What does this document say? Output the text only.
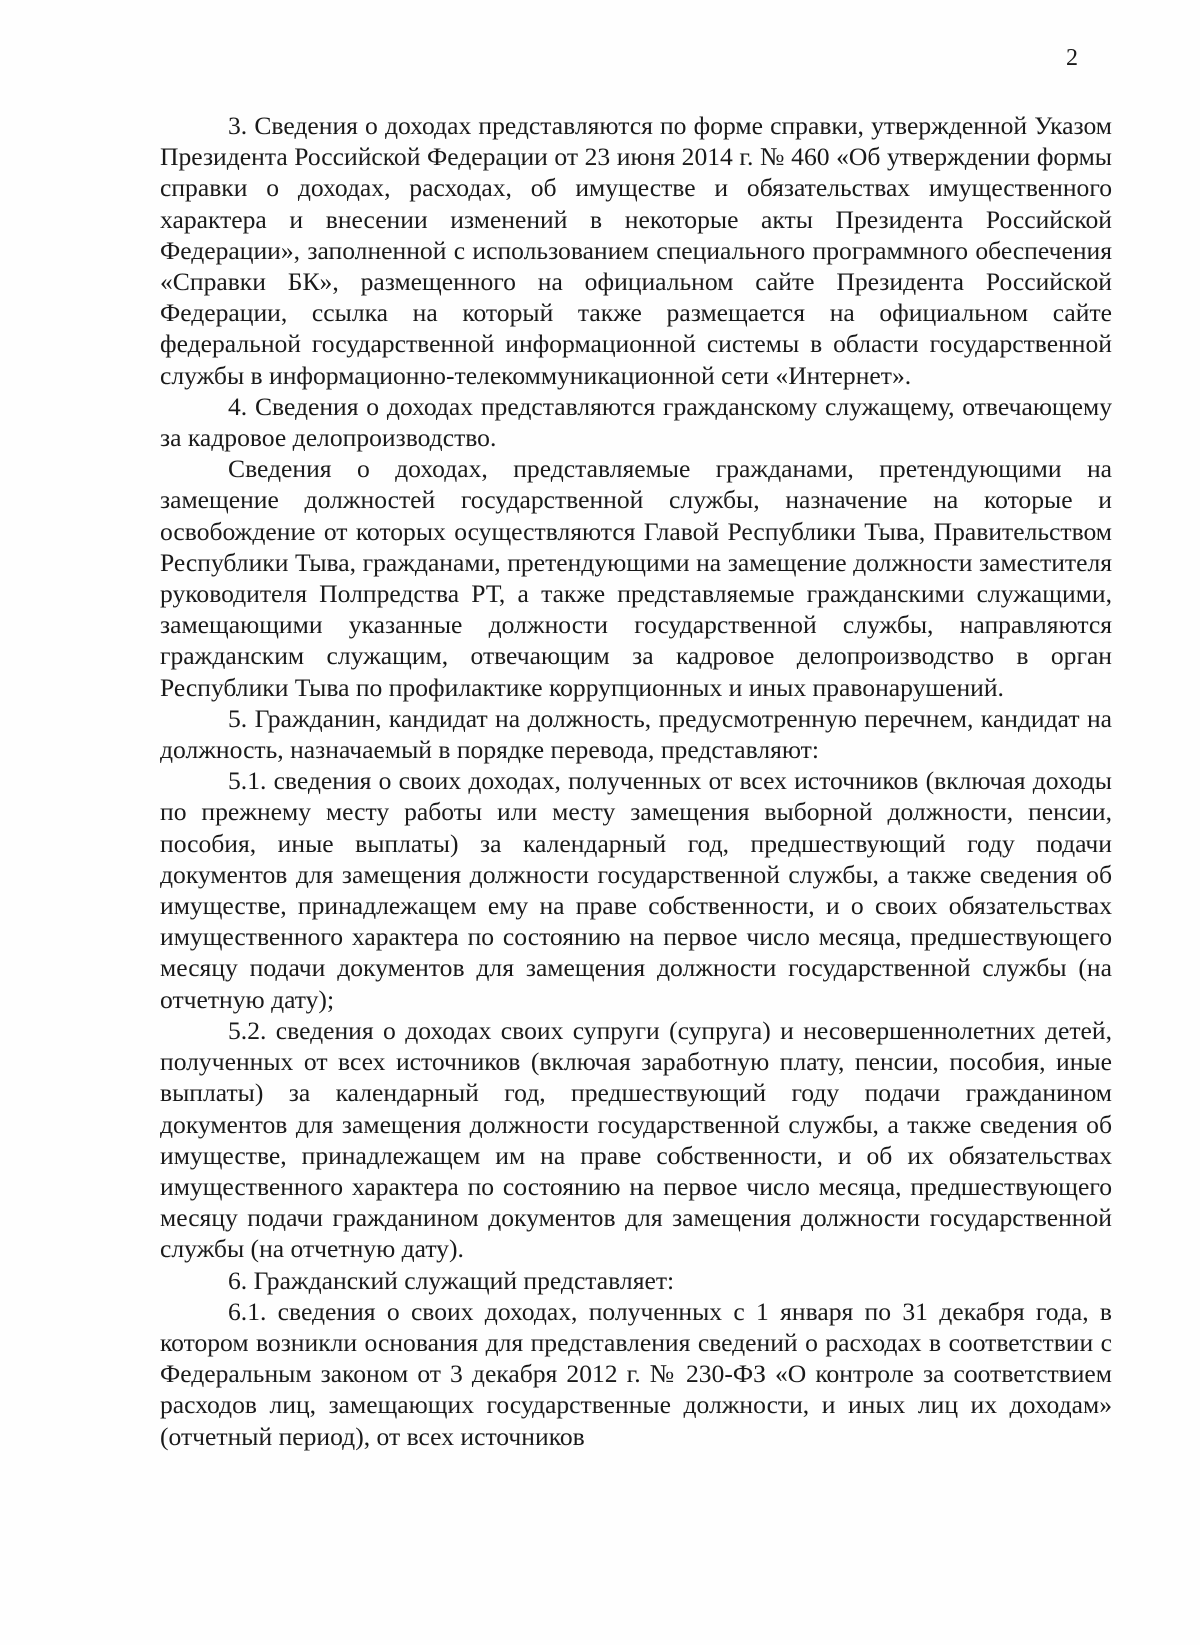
2

3. Сведения о доходах представляются по форме справки, утвержденной Указом Президента Российской Федерации от 23 июня 2014 г. № 460 «Об утверждении формы справки о доходах, расходах, об имуществе и обязательствах имущественного характера и внесении изменений в некоторые акты Президента Российской Федерации», заполненной с использованием специального программного обеспечения «Справки БК», размещенного на официальном сайте Президента Российской Федерации, ссылка на который также размещается на официальном сайте федеральной государственной информационной системы в области государственной службы в информационно-телекоммуникационной сети «Интернет».

4. Сведения о доходах представляются гражданскому служащему, отвечающему за кадровое делопроизводство.

Сведения о доходах, представляемые гражданами, претендующими на замещение должностей государственной службы, назначение на которые и освобождение от которых осуществляются Главой Республики Тыва, Правительством Республики Тыва, гражданами, претендующими на замещение должности заместителя руководителя Полпредства РТ, а также представляемые гражданскими служащими, замещающими указанные должности государственной службы, направляются гражданским служащим, отвечающим за кадровое делопроизводство в орган Республики Тыва по профилактике коррупционных и иных правонарушений.

5. Гражданин, кандидат на должность, предусмотренную перечнем, кандидат на должность, назначаемый в порядке перевода, представляют:

5.1. сведения о своих доходах, полученных от всех источников (включая доходы по прежнему месту работы или месту замещения выборной должности, пенсии, пособия, иные выплаты) за календарный год, предшествующий году подачи документов для замещения должности государственной службы, а также сведения об имуществе, принадлежащем ему на праве собственности, и о своих обязательствах имущественного характера по состоянию на первое число месяца, предшествующего месяцу подачи документов для замещения должности государственной службы (на отчетную дату);

5.2. сведения о доходах своих супруги (супруга) и несовершеннолетних детей, полученных от всех источников (включая заработную плату, пенсии, пособия, иные выплаты) за календарный год, предшествующий году подачи гражданином документов для замещения должности государственной службы, а также сведения об имуществе, принадлежащем им на праве собственности, и об их обязательствах имущественного характера по состоянию на первое число месяца, предшествующего месяцу подачи гражданином документов для замещения должности государственной службы (на отчетную дату).

6. Гражданский служащий представляет:

6.1. сведения о своих доходах, полученных с 1 января по 31 декабря года, в котором возникли основания для представления сведений о расходах в соответствии с Федеральным законом от 3 декабря 2012 г. № 230-ФЗ «О контроле за соответствием расходов лиц, замещающих государственные должности, и иных лиц их доходам» (отчетный период), от всех источников
